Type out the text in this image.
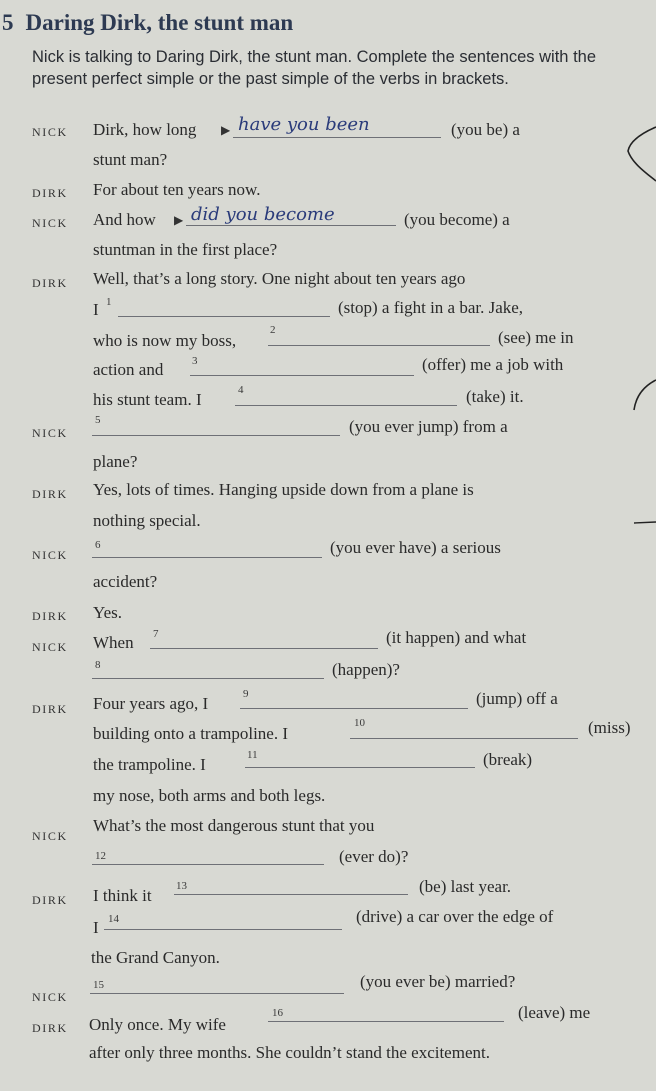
5 Daring Dirk, the stunt man
Nick is talking to Daring Dirk, the stunt man. Complete the sentences with the present perfect simple or the past simple of the verbs in brackets.
NICK Dirk, how long ▶ have you been	(you be) a
stunt man?
DIRK For about ten years now.
NICK And how ▶ did you become	(you become) a
stuntman in the first place?
DIRK Well, that’s a long story. One night about ten years ago
I 1	(stop) a fight in a bar. Jake,
who is now my boss,
2	(see) me in
action and	3	(offer) me a job with
his stunt team. I	4	(take) it.
NICK
5	(you ever jump) from a
plane?
DIRK Yes, lots of times. Hanging upside down from a plane is
nothing special.
NICK
6	(you ever have) a serious
accident?
DIRK Yes.
NICK When 7	(it happen) and what
8	(happen)?
DIRK Four years ago, I	9	(jump) off a
building onto a trampoline. I
10	(miss)
the trampoline. I	11	(break)
my nose, both arms and both legs.
NICK
What’s the most dangerous stunt that you
12	(ever do)?
DIRK I think it 13	(be) last year.
I 14	(drive) a car over the edge of
the Grand Canyon.
NICK
15	(you ever be) married?
DIRK Only once. My wife
16	(leave) me
after only three months. She couldn’t stand the excitement.
